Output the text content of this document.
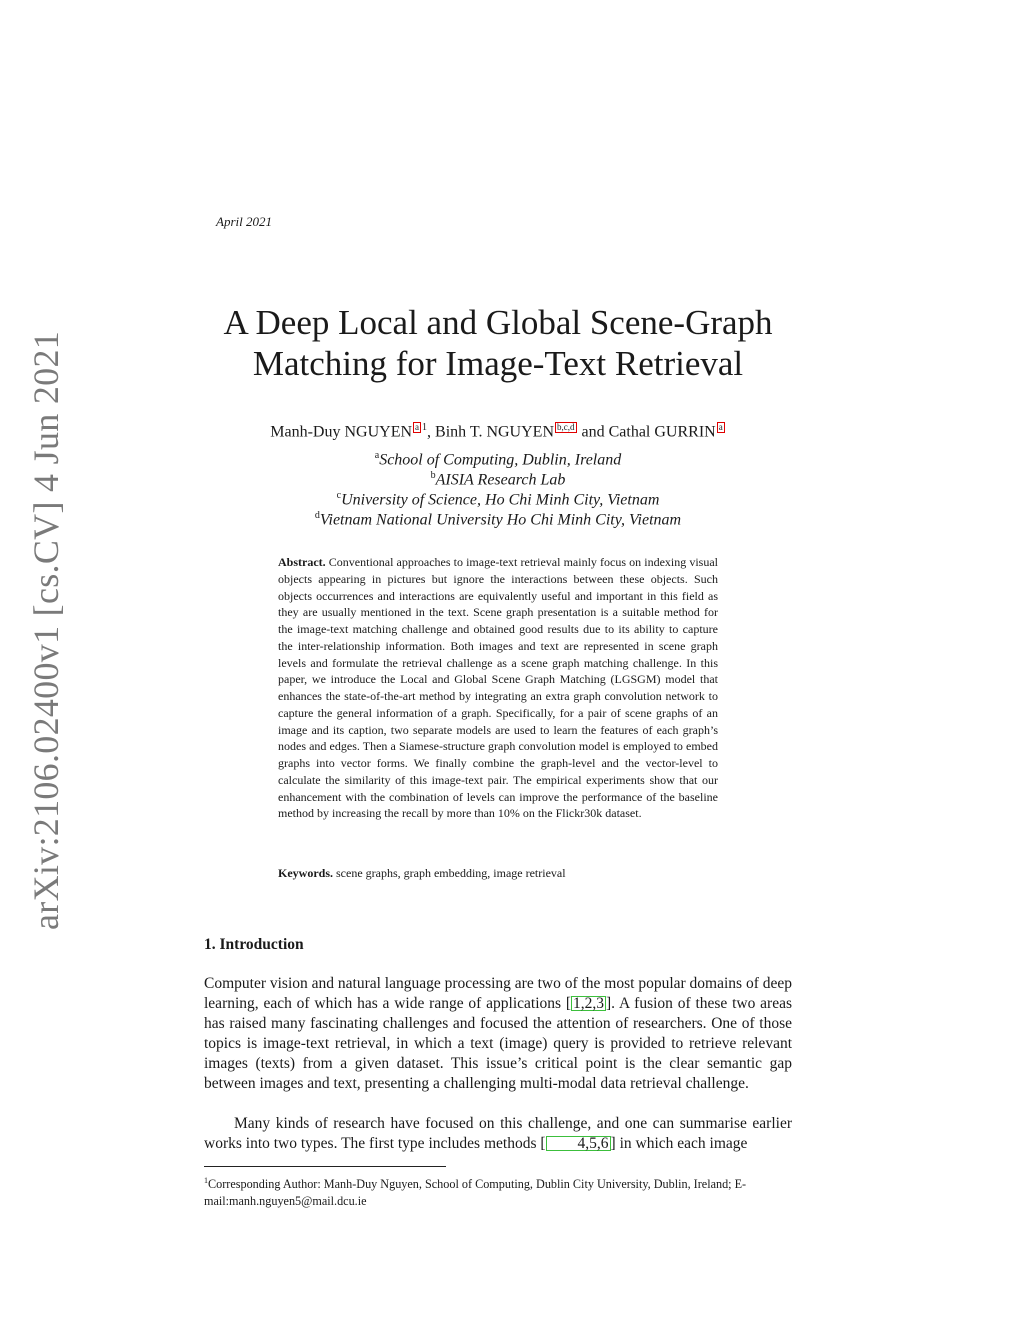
April 2021
arXiv:2106.02400v1 [cs.CV] 4 Jun 2021
A Deep Local and Global Scene-Graph
Matching for Image-Text Retrieval
Manh-Duy NGUYEN a $^1$, Binh T. NGUYEN b,c,d and Cathal GURRIN a
$^a$School of Computing, Dublin, Ireland
$^b$AISIA Research Lab
$^c$University of Science, Ho Chi Minh City, Vietnam
$^d$Vietnam National University Ho Chi Minh City, Vietnam
Abstract. Conventional approaches to image-text retrieval mainly focus on indexing visual objects appearing in pictures but ignore the interactions between these objects. Such objects occurrences and interactions are equivalently useful and important in this field as they are usually mentioned in the text. Scene graph presentation is a suitable method for the image-text matching challenge and obtained good results due to its ability to capture the inter-relationship information. Both images and text are represented in scene graph levels and formulate the retrieval challenge as a scene graph matching challenge. In this paper, we introduce the Local and Global Scene Graph Matching (LGSGM) model that enhances the state-of-the-art method by integrating an extra graph convolution network to capture the general information of a graph. Specifically, for a pair of scene graphs of an image and its caption, two separate models are used to learn the features of each graph’s nodes and edges. Then a Siamese-structure graph convolution model is employed to embed graphs into vector forms. We finally combine the graph-level and the vector-level to calculate the similarity of this image-text pair. The empirical experiments show that our enhancement with the combination of levels can improve the performance of the baseline method by increasing the recall by more than 10% on the Flickr30k dataset.
Keywords. scene graphs, graph embedding, image retrieval
1. Introduction
Computer vision and natural language processing are two of the most popular domains of deep learning, each of which has a wide range of applications [ 1,2,3 ]. A fusion of these two areas has raised many fascinating challenges and focused the attention of researchers. One of those topics is image-text retrieval, in which a text (image) query is provided to retrieve relevant images (texts) from a given dataset. This issue’s critical point is the clear semantic gap between images and text, presenting a challenging multi-modal data retrieval challenge.
Many kinds of research have focused on this challenge, and one can summarise earlier works into two types. The first type includes methods [ 4,5,6 ] in which each image
$^1$Corresponding Author: Manh-Duy Nguyen, School of Computing, Dublin City University, Dublin, Ireland; E-mail:manh.nguyen5@mail.dcu.ie
